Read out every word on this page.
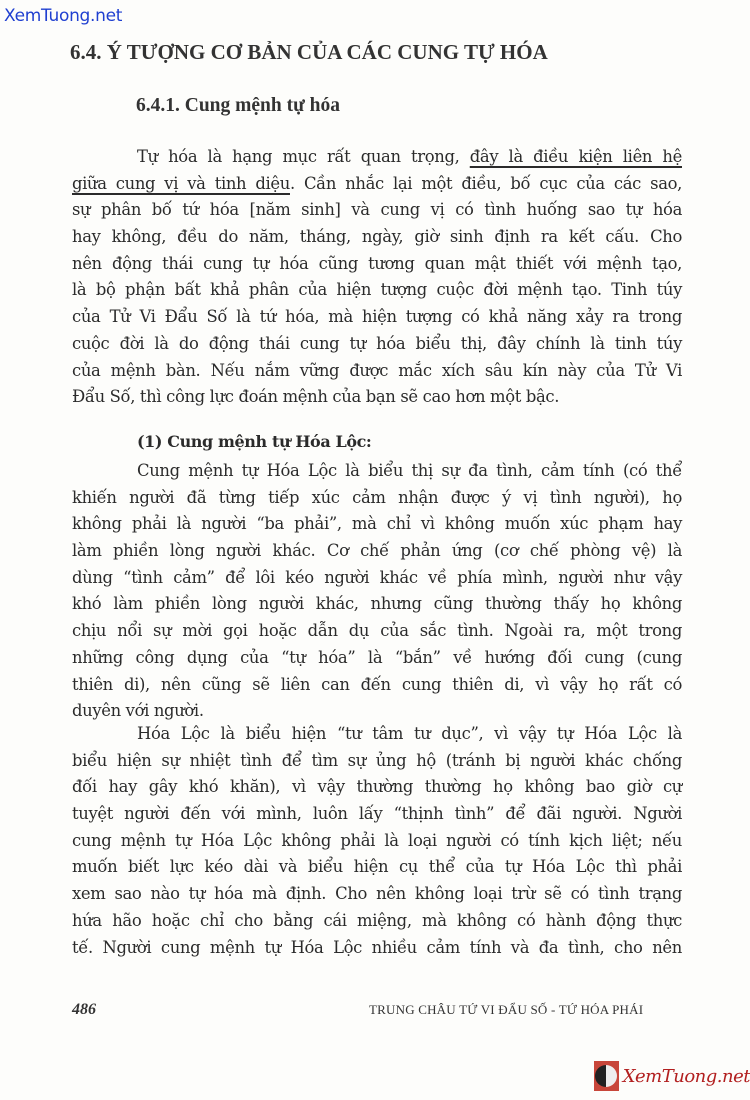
XemTuong.net
6.4. Ý TƯỢNG CƠ BẢN CỦA CÁC CUNG TỰ HÓA
6.4.1. Cung mệnh tự hóa
Tự hóa là hạng mục rất quan trọng, đây là điều kiện liên hệ
giữa cung vị và tinh diệu. Cần nhắc lại một điều, bố cục của các sao,
sự phân bố tứ hóa [năm sinh] và cung vị có tình huống sao tự hóa
hay không, đều do năm, tháng, ngày, giờ sinh định ra kết cấu. Cho
nên động thái cung tự hóa cũng tương quan mật thiết với mệnh tạo,
là bộ phận bất khả phân của hiện tượng cuộc đời mệnh tạo. Tinh túy
của Tử Vi Đẩu Số là tứ hóa, mà hiện tượng có khả năng xảy ra trong
cuộc đời là do động thái cung tự hóa biểu thị, đây chính là tinh túy
của mệnh bàn. Nếu nắm vững được mắc xích sâu kín này của Tử Vi
Đẩu Số, thì công lực đoán mệnh của bạn sẽ cao hơn một bậc.
(1) Cung mệnh tự Hóa Lộc:
Cung mệnh tự Hóa Lộc là biểu thị sự đa tình, cảm tính (có thể
khiến người đã từng tiếp xúc cảm nhận được ý vị tình người), họ
không phải là người “ba phải”, mà chỉ vì không muốn xúc phạm hay
làm phiền lòng người khác. Cơ chế phản ứng (cơ chế phòng vệ) là
dùng “tình cảm” để lôi kéo người khác về phía mình, người như vậy
khó làm phiền lòng người khác, nhưng cũng thường thấy họ không
chịu nổi sự mời gọi hoặc dẫn dụ của sắc tình. Ngoài ra, một trong
những công dụng của “tự hóa” là “bắn” về hướng đối cung (cung
thiên di), nên cũng sẽ liên can đến cung thiên di, vì vậy họ rất có
duyên với người.
Hóa Lộc là biểu hiện “tư tâm tư dục”, vì vậy tự Hóa Lộc là
biểu hiện sự nhiệt tình để tìm sự ủng hộ (tránh bị người khác chống
đối hay gây khó khăn), vì vậy thường thường họ không bao giờ cự
tuyệt người đến với mình, luôn lấy “thịnh tình” để đãi người. Người
cung mệnh tự Hóa Lộc không phải là loại người có tính kịch liệt; nếu
muốn biết lực kéo dài và biểu hiện cụ thể của tự Hóa Lộc thì phải
xem sao nào tự hóa mà định. Cho nên không loại trừ sẽ có tình trạng
hứa hão hoặc chỉ cho bằng cái miệng, mà không có hành động thực
tế. Người cung mệnh tự Hóa Lộc nhiều cảm tính và đa tình, cho nên
486	TRUNG CHÂU TỨ VI ĐẨU SỐ - TỨ HÓA PHÁI
XemTuong.net
